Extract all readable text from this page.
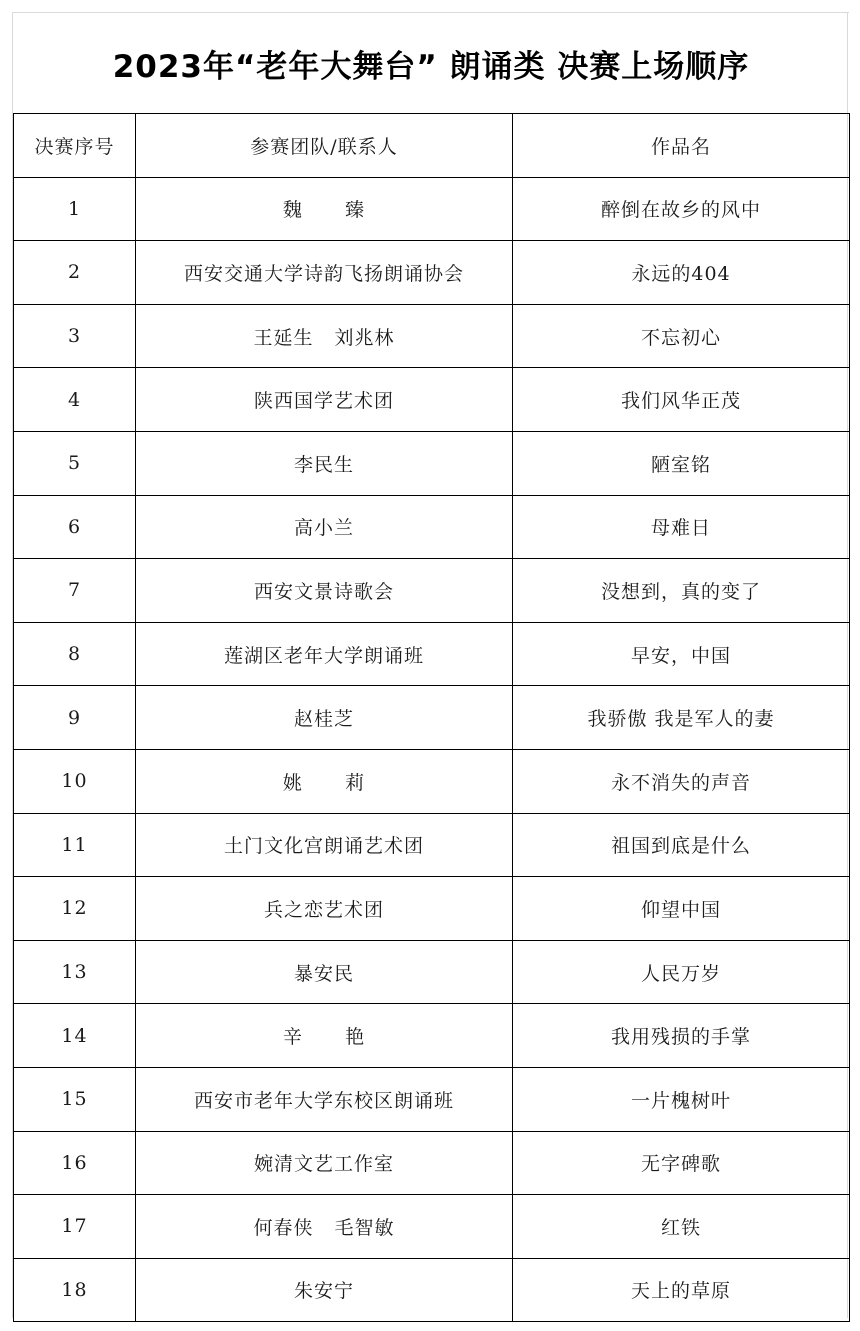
2023年“老年大舞台” 朗诵类 决赛上场顺序
决赛序号	参赛团队/联系人	作品名
1	魏      臻	醉倒在故乡的风中
2	西安交通大学诗韵飞扬朗诵协会	永远的404
3	王延生   刘兆林	不忘初心
4	陕西国学艺术团	我们风华正茂
5	李民生	陋室铭
6	高小兰	母难日
7	西安文景诗歌会	没想到，真的变了
8	莲湖区老年大学朗诵班	早安，中国
9	赵桂芝	我骄傲 我是军人的妻
10	姚      莉	永不消失的声音
11	土门文化宫朗诵艺术团	祖国到底是什么
12	兵之恋艺术团	仰望中国
13	暴安民	人民万岁
14	辛      艳	我用残损的手掌
15	西安市老年大学东校区朗诵班	一片槐树叶
16	婉清文艺工作室	无字碑歌
17	何春侠   毛智敏	红铁
18	朱安宁	天上的草原
